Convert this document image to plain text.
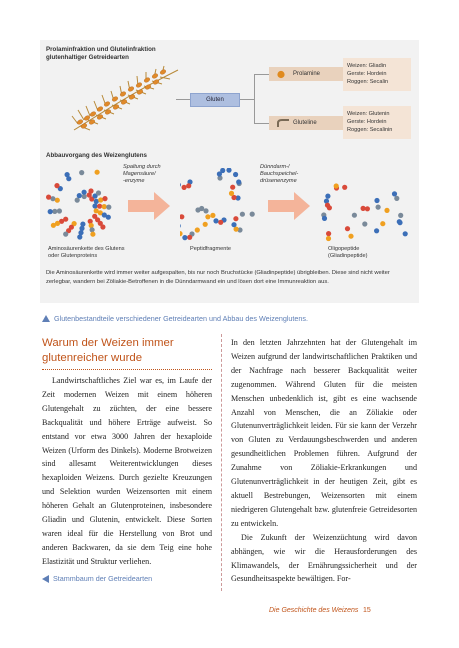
Prolaminfraktion und Glutelinfraktion
glutenhaltiger Getreidearten
Gluten
Prolamine
Weizen: Gliadin
Gerste: Hordein
Roggen: Secalin
Gluteline
Weizen: Glutenin
Gerste: Hordein
Roggen: Secalinin
Abbauvorgang des Weizenglutens
Spaltung durch
Magensäure/
-enzyme
Dünndarm-/
Bauchspeichel-
drüsenenzyme
Aminosäurenkette des Glutens
oder Glutenproteins
Peptidfragmente	Oligopeptide
(Gliadinpeptide)
Die Aminosäurenkette wird immer weiter aufgespalten, bis nur noch Bruchstücke (Gliadinpeptide) übrigbleiben. Diese sind nicht weiter zerlegbar, wandern bei Zöliakie-Betroffenen in die Dünndarmwand ein und lösen dort eine Immunreaktion aus.
Glutenbestandteile verschiedener Getreidearten und Abbau des Weizenglutens.
Warum der Weizen immer
glutenreicher wurde

Landwirtschaftliches Ziel war es, im Laufe der Zeit modernen Weizen mit einem höheren Glutengehalt zu züchten, der eine bessere Backqualität und höhere Erträge aufweist. So entstand vor etwa 3000 Jahren der hexaploide Weizen (Urform des Dinkels). Moderne Brotweizen sind allesamt Weiterentwicklungen dieses hexaploiden Weizens. Durch gezielte Kreuzungen und Selektion wurden Weizensorten mit einem höheren Gehalt an Glutenproteinen, insbesondere Gliadin und Glutenin, entwickelt. Diese Sorten waren ideal für die Herstellung von Brot und anderen Backwaren, da sie dem Teig eine hohe Elastizität und Struktur verliehen.

Stammbaum der Getreidearten

In den letzten Jahrzehnten hat der Glutengehalt im Weizen aufgrund der landwirtschaftlichen Praktiken und der Nachfrage nach besserer Backqualität weiter zugenommen. Während Gluten für die meisten Menschen unbedenklich ist, gibt es eine wachsende Anzahl von Menschen, die an Zöliakie oder Glutenunverträglichkeit leiden. Für sie kann der Verzehr von Gluten zu Verdauungsbeschwerden und anderen gesundheitlichen Problemen führen. Aufgrund der Zunahme von Zöliakie-Erkrankungen und Glutenunverträglichkeit in der heutigen Zeit, gibt es aktuell Bestrebungen, Weizensorten mit einem niedrigeren Glutengehalt bzw. glutenfreie Getreidesorten zu entwickeln.

Die Zukunft der Weizenzüchtung wird davon abhängen, wie wir die Herausforderungen des Klimawandels, der Ernährungssicherheit und der Gesundheitsaspekte bewältigen. For-

Die Geschichte des Weizens 15
